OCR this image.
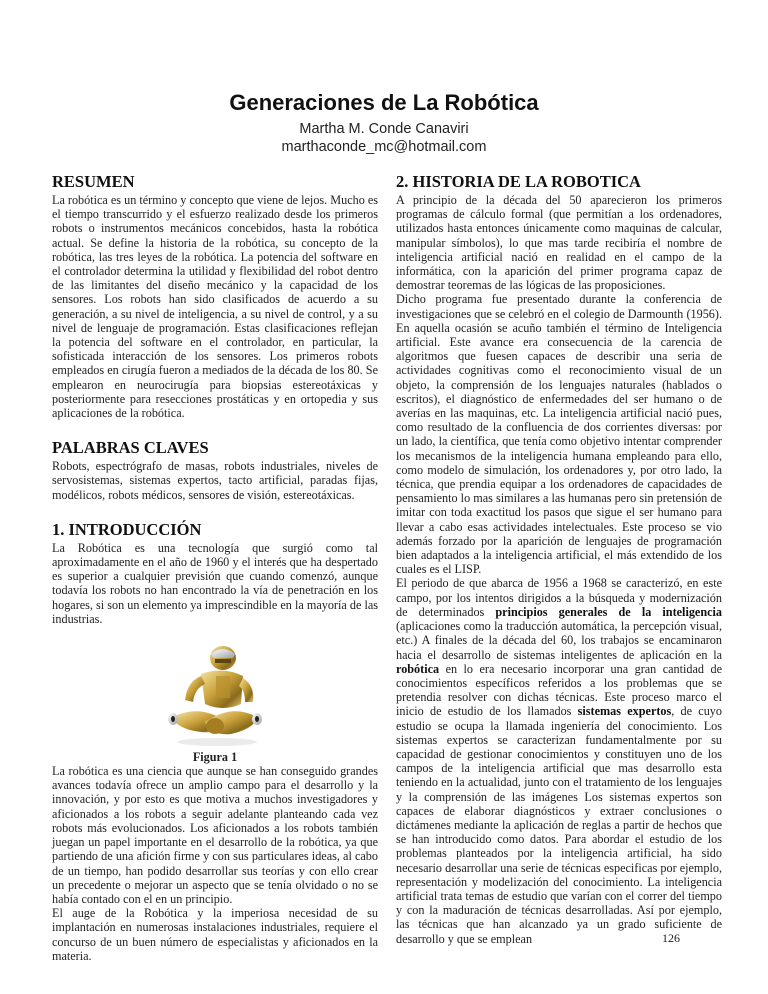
Generaciones de La Robótica
Martha M. Conde Canaviri
marthaconde_mc@hotmail.com
RESUMEN

La robótica es un término y concepto que viene de lejos. Mucho es el tiempo transcurrido y el esfuerzo realizado desde los primeros robots o instrumentos mecánicos concebidos, hasta la robótica actual. Se define la historia de la robótica, su concepto de la robótica, las tres leyes de la robótica. La potencia del software en el controlador determina la utilidad y flexibilidad del robot dentro de las limitantes del diseño mecánico y la capacidad de los sensores. Los robots han sido clasificados de acuerdo a su generación, a su nivel de inteligencia, a su nivel de control, y a su nivel de lenguaje de programación. Estas clasificaciones reflejan la potencia del software en el controlador, en particular, la sofisticada interacción de los sensores. Los primeros robots empleados en cirugía fueron a mediados de la década de los 80. Se emplearon en neurocirugía para biopsias estereotáxicas y posteriormente para resecciones prostáticas y en ortopedia y sus aplicaciones de la robótica.

PALABRAS CLAVES

Robots, espectrógrafo de masas, robots industriales, niveles de servosistemas, sistemas expertos, tacto artificial, paradas fijas, modélicos, robots médicos, sensores de visión, estereotáxicas.

1. INTRODUCCIÓN

La Robótica es una tecnología que surgió como tal aproximadamente en el año de 1960 y el interés que ha despertado es superior a cualquier previsión que cuando comenzó, aunque todavía los robots no han encontrado la vía de penetración en los hogares, si son un elemento ya imprescindible en la mayoría de las industrias.

Figura 1

La robótica es una ciencia que aunque se han conseguido grandes avances todavía ofrece un amplio campo para el desarrollo y la innovación, y por esto es que motiva a muchos investigadores y aficionados a los robots a seguir adelante planteando cada vez robots más evolucionados. Los aficionados a los robots también juegan un papel importante en el desarrollo de la robótica, ya que partiendo de una afición firme y con sus particulares ideas, al cabo de un tiempo, han podido desarrollar sus teorías y con ello crear un precedente o mejorar un aspecto que se tenía olvidado o no se había contado con el en un principio.

El auge de la Robótica y la imperiosa necesidad de su implantación en numerosas instalaciones industriales, requiere el concurso de un buen número de especialistas y aficionados en la materia.

2. HISTORIA DE LA ROBOTICA

A principio de la década del 50 aparecieron los primeros programas de cálculo formal (que permitían a los ordenadores, utilizados hasta entonces únicamente como maquinas de calcular, manipular símbolos), lo que mas tarde recibiría el nombre de inteligencia artificial nació en realidad en el campo de la informática, con la aparición del primer programa capaz de demostrar teoremas de las lógicas de las proposiciones.

Dicho programa fue presentado durante la conferencia de investigaciones que se celebró en el colegio de Darmounth (1956). En aquella ocasión se acuño también el término de Inteligencia artificial. Este avance era consecuencia de la carencia de algoritmos que fuesen capaces de describir una seria de actividades cognitivas como el reconocimiento visual de un objeto, la comprensión de los lenguajes naturales (hablados o escritos), el diagnóstico de enfermedades del ser humano o de averías en las maquinas, etc. La inteligencia artificial nació pues, como resultado de la confluencia de dos corrientes diversas: por un lado, la científica, que tenía como objetivo intentar comprender los mecanismos de la inteligencia humana empleando para ello, como modelo de simulación, los ordenadores y, por otro lado, la técnica, que prendia equipar a los ordenadores de capacidades de pensamiento lo mas similares a las humanas pero sin pretensión de imitar con toda exactitud los pasos que sigue el ser humano para llevar a cabo esas actividades intelectuales. Este proceso se vio además forzado por la aparición de lenguajes de programación bien adaptados a la inteligencia artificial, el más extendido de los cuales es el LISP.

El periodo de que abarca de 1956 a 1968 se caracterizó, en este campo, por los intentos dirigidos a la búsqueda y modernización de determinados principios generales de la inteligencia (aplicaciones como la traducción automática, la percepción visual, etc.) A finales de la década del 60, los trabajos se encaminaron hacia el desarrollo de sistemas inteligentes de aplicación en la robótica en lo era necesario incorporar una gran cantidad de conocimientos específicos referidos a los problemas que se pretendia resolver con dichas técnicas. Este proceso marco el inicio de estudio de los llamados sistemas expertos, de cuyo estudio se ocupa la llamada ingeniería del conocimiento. Los sistemas expertos se caracterizan fundamentalmente por su capacidad de gestionar conocimientos y constituyen uno de los campos de la inteligencia artificial que mas desarrollo esta teniendo en la actualidad, junto con el tratamiento de los lenguajes y la comprensión de las imágenes Los sistemas expertos son capaces de elaborar diagnósticos y extraer conclusiones o dictámenes mediante la aplicación de reglas a partir de hechos que se han introducido como datos. Para abordar el estudio de los problemas planteados por la inteligencia artificial, ha sido necesario desarrollar una serie de técnicas especificas por ejemplo, representación y modelización del conocimiento. La inteligencia artificial trata temas de estudio que varían con el correr del tiempo y con la maduración de técnicas desarrolladas. Así por ejemplo, las técnicas que han alcanzado ya un grado suficiente de desarrollo y que se emplean	126
